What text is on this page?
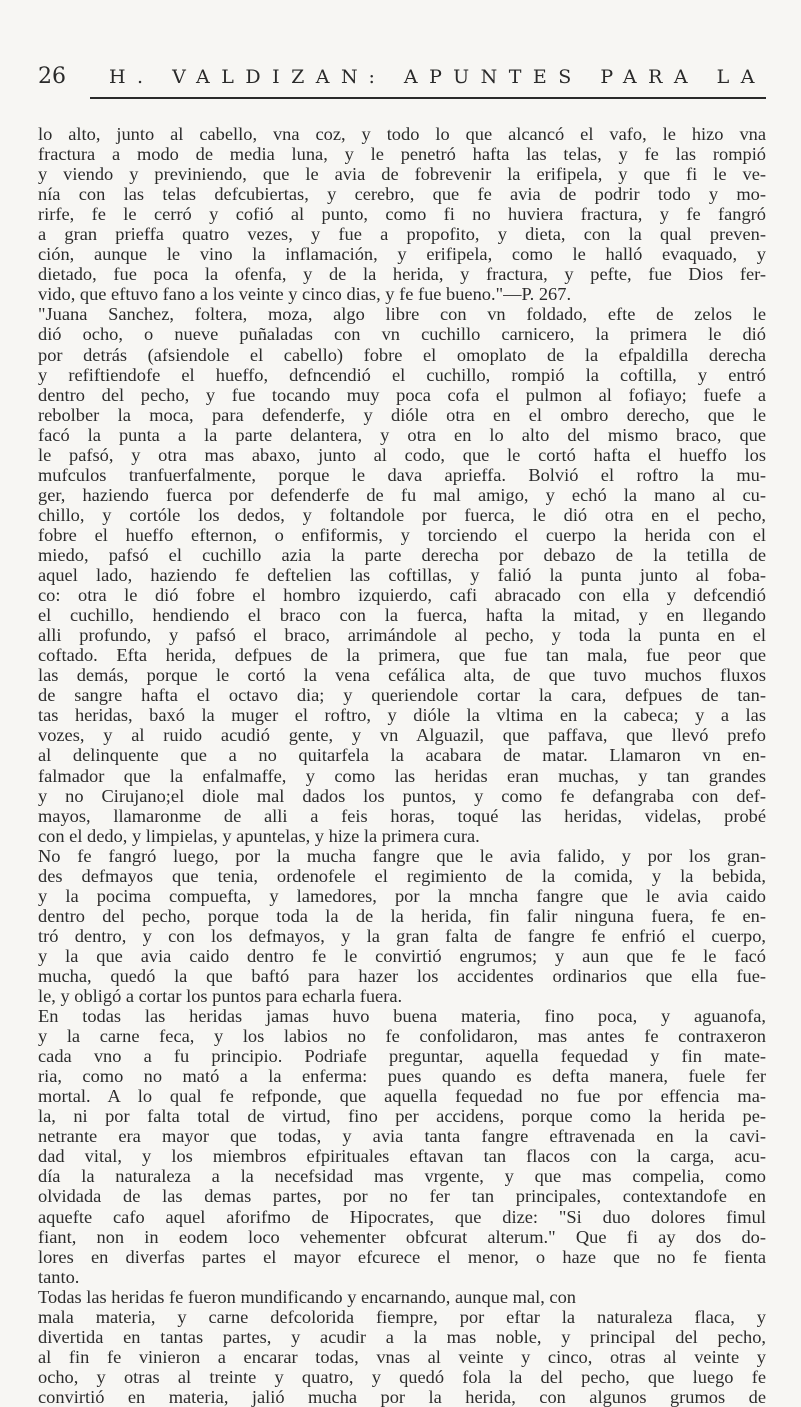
26	H. VALDIZAN: APUNTES PARA LA
lo alto, junto al cabello, vna coz, y todo lo que alcancó el vafo, le hizo vna
fractura a modo de media luna, y le penetró hafta las telas, y fe las rompió
y viendo y previniendo, que le avia de fobrevenir la erifipela, y que fi le ve-
nía con las telas defcubiertas, y cerebro, que fe avia de podrir todo y mo-
rirfe, fe le cerró y cofió al punto, como fi no huviera fractura, y fe fangró
a gran prieffa quatro vezes, y fue a propofito, y dieta, con la qual preven-
ción, aunque le vino la inflamación, y erifipela, como le halló evaquado, y
dietado, fue poca la ofenfa, y de la herida, y fractura, y pefte, fue Dios fer-
vido, que eftuvo fano a los veinte y cinco dias, y fe fue bueno."—P. 267.
"Juana Sanchez, foltera, moza, algo libre con vn foldado, efte de zelos le
dió ocho, o nueve puñaladas con vn cuchillo carnicero, la primera le dió
por detrás (afsiendole el cabello) fobre el omoplato de la efpaldilla derecha
y refiftiendofe el hueffo, defncendió el cuchillo, rompió la coftilla, y entró
dentro del pecho, y fue tocando muy poca cofa el pulmon al fofiayo; fuefe a
rebolber la moca, para defenderfe, y dióle otra en el ombro derecho, que le
facó la punta a la parte delantera, y otra en lo alto del mismo braco, que
le pafsó, y otra mas abaxo, junto al codo, que le cortó hafta el hueffo los
mufculos tranfuerfalmente, porque le dava aprieffa. Bolvió el roftro la mu-
ger, haziendo fuerca por defenderfe de fu mal amigo, y echó la mano al cu-
chillo, y cortóle los dedos, y foltandole por fuerca, le dió otra en el pecho,
fobre el hueffo efternon, o enfiformis, y torciendo el cuerpo la herida con el
miedo, pafsó el cuchillo azia la parte derecha por debazo de la tetilla de
aquel lado, haziendo fe deftelien las coftillas, y falió la punta junto al foba-
co: otra le dió fobre el hombro izquierdo, cafi abracado con ella y defcendió
el cuchillo, hendiendo el braco con la fuerca, hafta la mitad, y en llegando
alli profundo, y pafsó el braco, arrimándole al pecho, y toda la punta en el
coftado. Efta herida, defpues de la primera, que fue tan mala, fue peor que
las demás, porque le cortó la vena cefálica alta, de que tuvo muchos fluxos
de sangre hafta el octavo dia; y queriendole cortar la cara, defpues de tan-
tas heridas, baxó la muger el roftro, y dióle la vltima en la cabeca; y a las
vozes, y al ruido acudió gente, y vn Alguazil, que paffava, que llevó prefo
al delinquente que a no quitarfela la acabara de matar. Llamaron vn en-
falmador que la enfalmaffe, y como las heridas eran muchas, y tan grandes
y no Cirujano;el diole mal dados los puntos, y como fe defangraba con def-
mayos, llamaronme de alli a feis horas, toqué las heridas, videlas, probé
con el dedo, y limpielas, y apuntelas, y hize la primera cura.
No fe fangró luego, por la mucha fangre que le avia falido, y por los gran-
des defmayos que tenia, ordenofele el regimiento de la comida, y la bebida,
y la pocima compuefta, y lamedores, por la mncha fangre que le avia caido
dentro del pecho, porque toda la de la herida, fin falir ninguna fuera, fe en-
tró dentro, y con los defmayos, y la gran falta de fangre fe enfrió el cuerpo,
y la que avia caido dentro fe le convirtió engrumos; y aun que fe le facó
mucha, quedó la que baftó para hazer los accidentes ordinarios que ella fue-
le, y obligó a cortar los puntos para echarla fuera.
En todas las heridas jamas huvo buena materia, fino poca, y aguanofa,
y la carne feca, y los labios no fe confolidaron, mas antes fe contraxeron
cada vno a fu principio. Podriafe preguntar, aquella fequedad y fin mate-
ria, como no mató a la enferma: pues quando es defta manera, fuele fer
mortal. A lo qual fe refponde, que aquella fequedad no fue por effencia ma-
la, ni por falta total de virtud, fino per accidens, porque como la herida pe-
netrante era mayor que todas, y avia tanta fangre eftravenada en la cavi-
dad vital, y los miembros efpirituales eftavan tan flacos con la carga, acu-
día la naturaleza a la necefsidad mas vrgente, y que mas compelia, como
olvidada de las demas partes, por no fer tan principales, contextandofe en
aquefte cafo aquel aforifmo de Hipocrates, que dize: "Si duo dolores fimul
fiant, non in eodem loco vehementer obfcurat alterum." Que fi ay dos do-
lores en diverfas partes el mayor efcurece el menor, o haze que no fe fienta
tanto.
Todas las heridas fe fueron mundificando y encarnando, aunque mal, con
mala materia, y carne defcolorida fiempre, por eftar la naturaleza flaca, y
divertida en tantas partes, y acudir a la mas noble, y principal del pecho,
al fin fe vinieron a encarar todas, vnas al veinte y cinco, otras al veinte y
ocho, y otras al treinte y quatro, y quedó fola la del pecho, que luego fe
convirtió en materia, jalió mucha por la herida, con algunos grumos de
